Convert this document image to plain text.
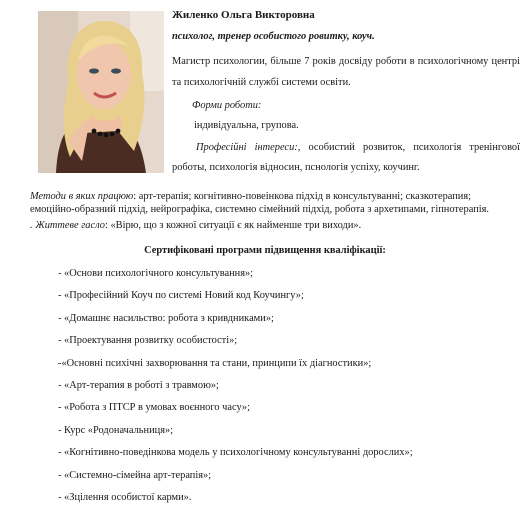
Жиленко Ольга Викторовна

психолог, тренер особистого ровитку, коуч.

Магистр психологии, більше 7 років досвіду роботи в психологічному центрі та психологічній службі системи освіти.

Форми роботи:

індивідуальна, групова.

Професійні інтереси:, особистий розвиток, психологія тренінгової роботы, психологія відносин, пснологія успіху, коучинг.

Методи в яких працюю: арт-терапія; когнітивно-повеінкова підхід в консультуванні; сказкотерапия; емоційно-образний підхід, нейрографіка, системно сімейний підхід, робота з архетипами, гіпнотерапія.

. Життеве гасло: «Вірю, що з кожної ситуації є як найменше три виходи».

Сертифіковані програми підвищення кваліфікації:

- «Основи психологічного консультування»;
- «Професійний Коуч по системі Новий код Коучингу»;
- «Домашнє насильство: робота з кривдниками»;
- «Проектування розвитку особистості»;
-«Основні психічні захворювання та стани, принципи їх діагностики»;
- «Арт-терапия в роботі з травмою»;
- «Робота з ПТСР в умовах воєнного часу»;
- Курс «Родоначальниця»;
- «Когнітивно-поведінкова модель у психологічному консультуванні дорослих»;
- «Системно-сімейна арт-терапія»;
- «Зцілення особистої карми».
